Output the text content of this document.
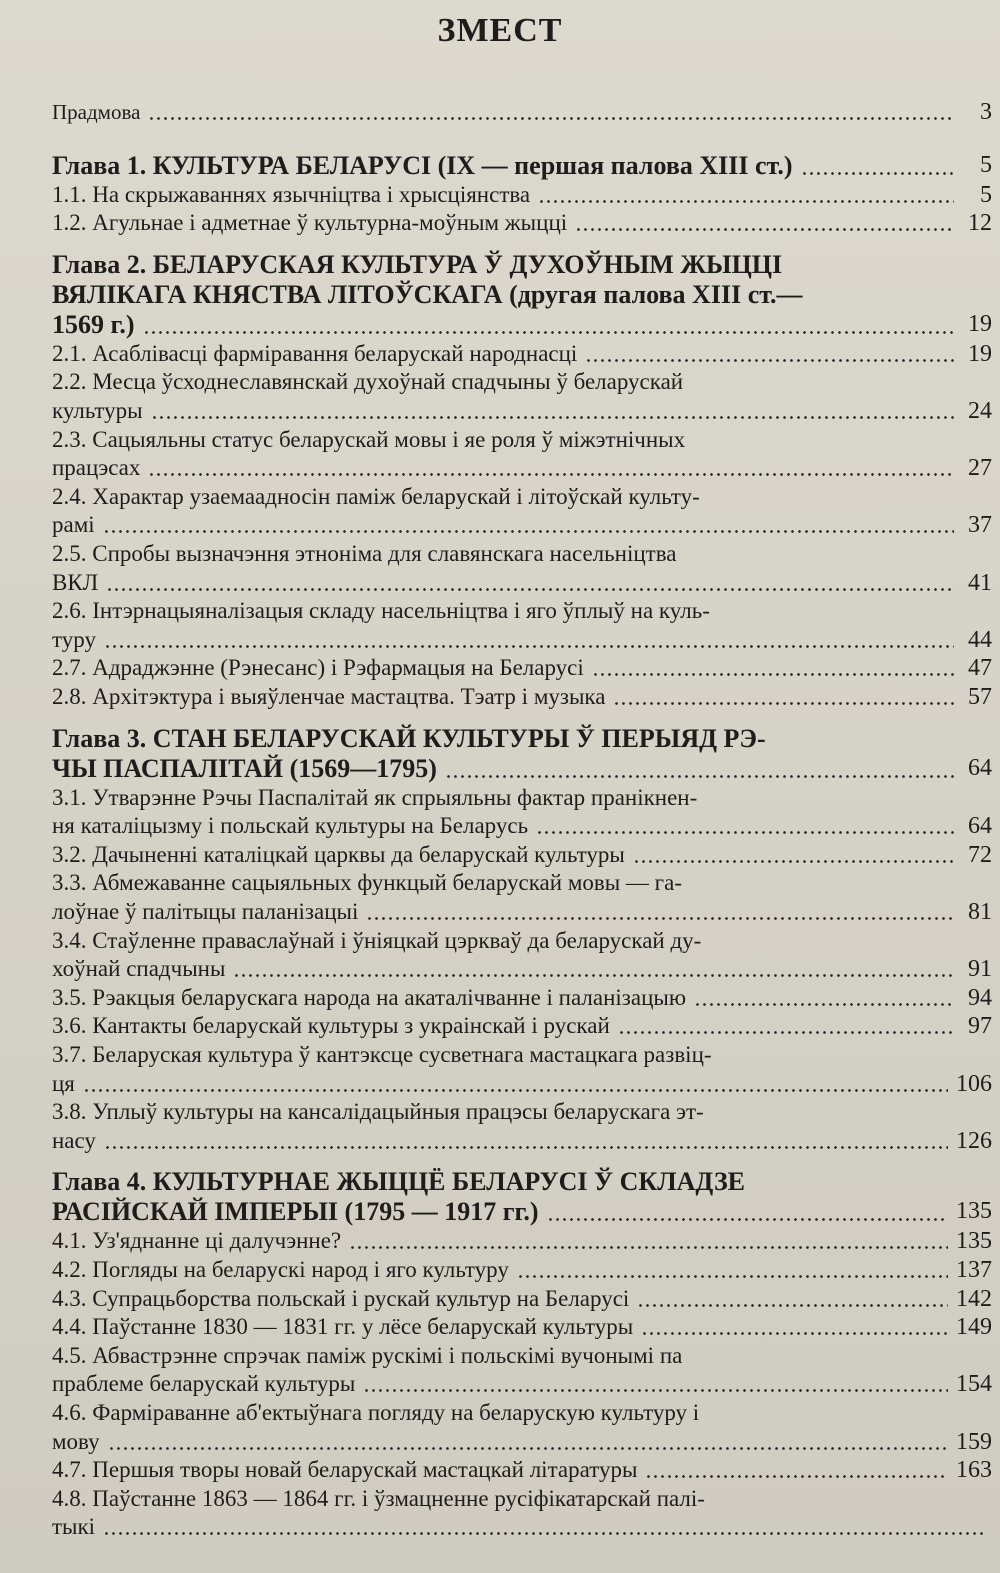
ЗМЕСТ
Прадмова	3
Глава 1. КУЛЬТУРА БЕЛАРУСІ (IX — першая палова XIII ст.)	5
1.1. На скрыжаваннях язычніцтва і хрысціянства	5
1.2. Агульнае і адметнае ў культурна-моўным жыцці	12
Глава 2. БЕЛАРУСКАЯ КУЛЬТУРА Ў ДУХОЎНЫМ ЖЫЦЦІ
ВЯЛІКАГА КНЯСТВА ЛІТОЎСКАГА (другая палова XIII ст.—
1569 г.)	19
2.1. Асаблівасці фарміравання беларускай народнасці	19
2.2. Месца ўсходнеславянскай духоўнай спадчыны ў беларускай
культуры	24
2.3. Сацыяльны статус беларускай мовы і яе роля ў міжэтнічных
працэсах	27
2.4. Характар узаемаадносін паміж беларускай і літоўскай культу-
рамі	37
2.5. Спробы вызначэння этноніма для славянскага насельніцтва
ВКЛ	41
2.6. Інтэрнацыяналізацыя складу насельніцтва і яго ўплыў на куль-
туру	44
2.7. Адраджэнне (Рэнесанс) і Рэфармацыя на Беларусі	47
2.8. Архітэктура і выяўленчае мастацтва. Тэатр і музыка	57
Глава 3. СТАН БЕЛАРУСКАЙ КУЛЬТУРЫ Ў ПЕРЫЯД РЭ-
ЧЫ ПАСПАЛІТАЙ (1569—1795)	64
3.1. Утварэнне Рэчы Паспалітай як спрыяльны фактар пранікнен-
ня каталіцызму і польскай культуры на Беларусь	64
3.2. Дачыненні каталіцкай царквы да беларускай культуры	72
3.3. Абмежаванне сацыяльных функцый беларускай мовы — га-
лоўнае ў палітыцы паланізацыі	81
3.4. Стаўленне праваслаўнай і ўніяцкай цэркваў да беларускай ду-
хоўнай спадчыны	91
3.5. Рэакцыя беларускага народа на акаталічванне і паланізацыю	94
3.6. Кантакты беларускай культуры з украінскай і рускай	97
3.7. Беларуская культура ў кантэксце сусветнага мастацкага развіц-
ця	106
3.8. Уплыў культуры на кансалідацыйныя працэсы беларускага эт-
насу	126
Глава 4. КУЛЬТУРНАЕ ЖЫЦЦЁ БЕЛАРУСІ Ў СКЛАДЗЕ
РАСІЙСКАЙ ІМПЕРЫІ (1795 — 1917 гг.)	135
4.1. Уз'яднанне ці далучэнне?	135
4.2. Погляды на беларускі народ і яго культуру	137
4.3. Супрацьборства польскай і рускай культур на Беларусі	142
4.4. Паўстанне 1830 — 1831 гг. у лёсе беларускай культуры	149
4.5. Абвастрэнне спрэчак паміж рускімі і польскімі вучонымі па
праблеме беларускай культуры	154
4.6. Фарміраванне аб'ектыўнага погляду на беларускую культуру і
мову	159
4.7. Першыя творы новай беларускай мастацкай літаратуры	163
4.8. Паўстанне 1863 — 1864 гг. і ўзмацненне русіфікатарскай палі-
тыкі
